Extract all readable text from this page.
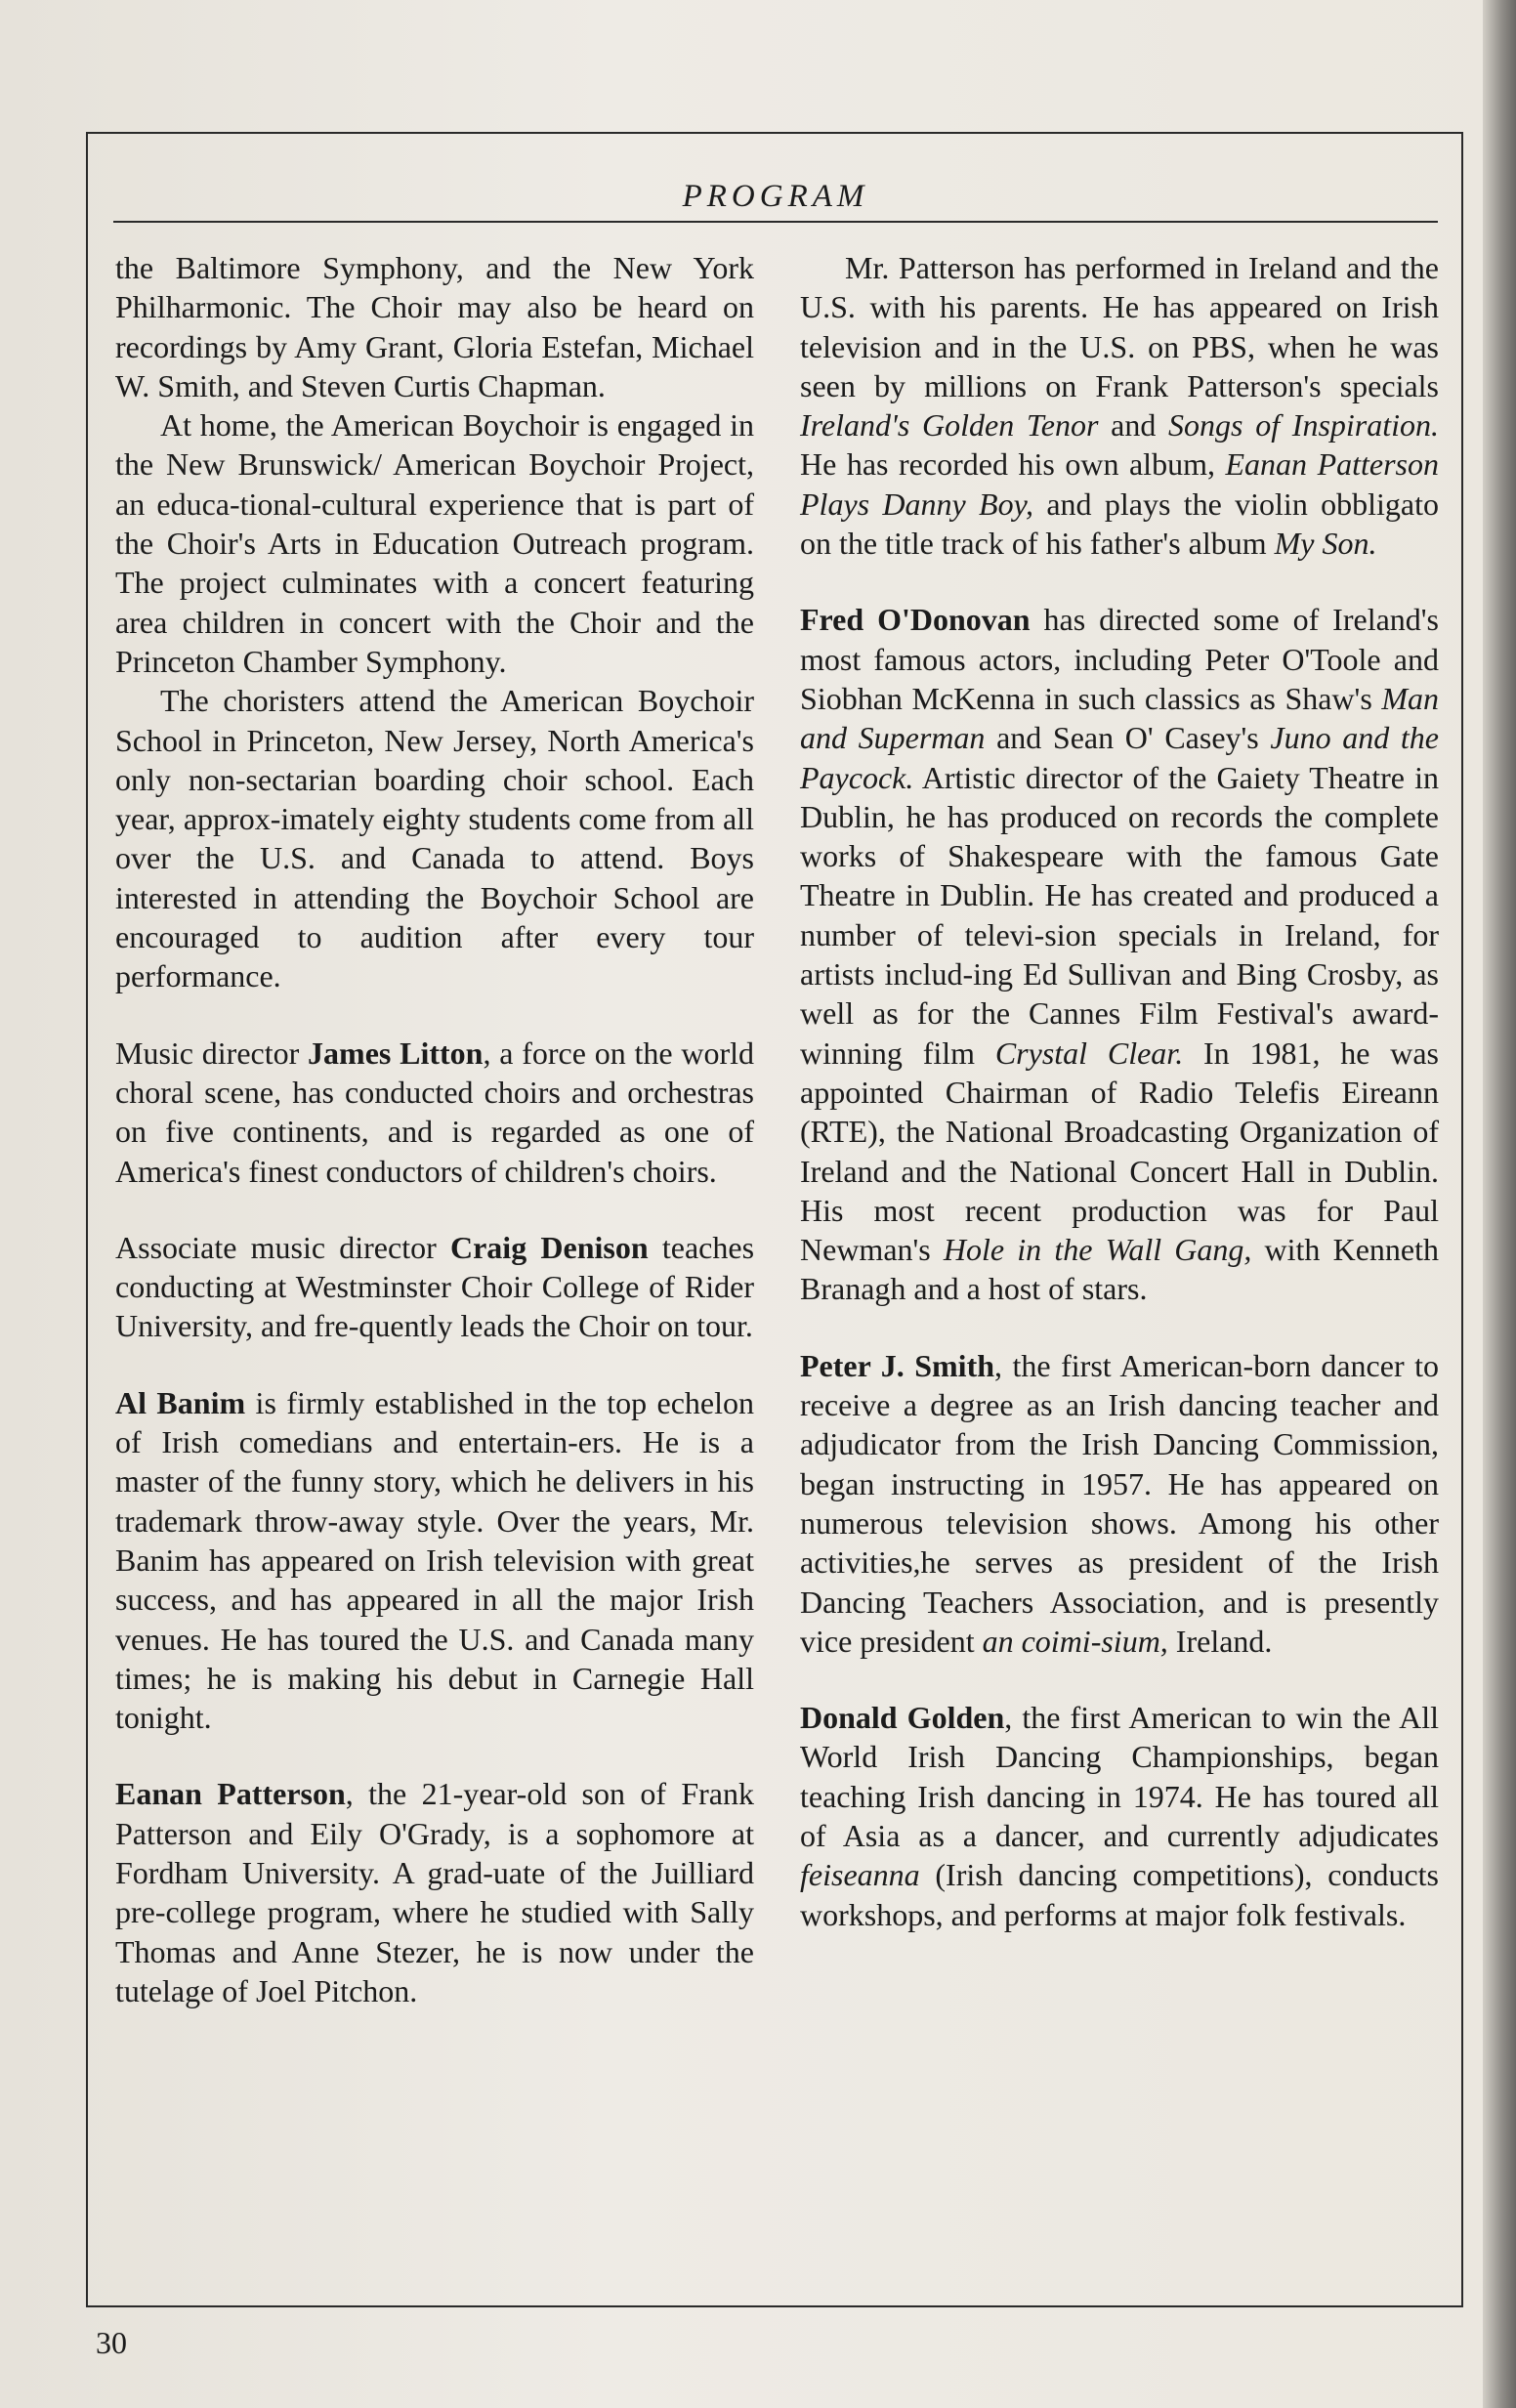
PROGRAM

the Baltimore Symphony, and the New York Philharmonic. The Choir may also be heard on recordings by Amy Grant, Gloria Estefan, Michael W. Smith, and Steven Curtis Chapman.

At home, the American Boychoir is engaged in the New Brunswick/ American Boychoir Project, an educa-tional-cultural experience that is part of the Choir's Arts in Education Outreach program. The project culminates with a concert featuring area children in concert with the Choir and the Princeton Chamber Symphony.

The choristers attend the American Boychoir School in Princeton, New Jersey, North America's only non-sectarian boarding choir school. Each year, approx-imately eighty students come from all over the U.S. and Canada to attend. Boys interested in attending the Boychoir School are encouraged to audition after every tour performance.

Music director James Litton, a force on the world choral scene, has conducted choirs and orchestras on five continents, and is regarded as one of America's finest conductors of children's choirs.

Associate music director Craig Denison teaches conducting at Westminster Choir College of Rider University, and fre-quently leads the Choir on tour.

Al Banim is firmly established in the top echelon of Irish comedians and entertain-ers. He is a master of the funny story, which he delivers in his trademark throw-away style. Over the years, Mr. Banim has appeared on Irish television with great success, and has appeared in all the major Irish venues. He has toured the U.S. and Canada many times; he is making his debut in Carnegie Hall tonight.

Eanan Patterson, the 21-year-old son of Frank Patterson and Eily O'Grady, is a sophomore at Fordham University. A grad-uate of the Juilliard pre-college program, where he studied with Sally Thomas and Anne Stezer, he is now under the tutelage of Joel Pitchon.

Mr. Patterson has performed in Ireland and the U.S. with his parents. He has appeared on Irish television and in the U.S. on PBS, when he was seen by millions on Frank Patterson's specials Ireland's Golden Tenor and Songs of Inspiration. He has recorded his own album, Eanan Patterson Plays Danny Boy, and plays the violin obbligato on the title track of his father's album My Son.

Fred O'Donovan has directed some of Ireland's most famous actors, including Peter O'Toole and Siobhan McKenna in such classics as Shaw's Man and Superman and Sean O' Casey's Juno and the Paycock. Artistic director of the Gaiety Theatre in Dublin, he has produced on records the complete works of Shakespeare with the famous Gate Theatre in Dublin. He has created and produced a number of televi-sion specials in Ireland, for artists includ-ing Ed Sullivan and Bing Crosby, as well as for the Cannes Film Festival's award-winning film Crystal Clear. In 1981, he was appointed Chairman of Radio Telefis Eireann (RTE), the National Broadcasting Organization of Ireland and the National Concert Hall in Dublin. His most recent production was for Paul Newman's Hole in the Wall Gang, with Kenneth Branagh and a host of stars.

Peter J. Smith, the first American-born dancer to receive a degree as an Irish dancing teacher and adjudicator from the Irish Dancing Commission, began instructing in 1957. He has appeared on numerous television shows. Among his other activities,he serves as president of the Irish Dancing Teachers Association, and is presently vice president an coimi-sium, Ireland.

Donald Golden, the first American to win the All World Irish Dancing Championships, began teaching Irish dancing in 1974. He has toured all of Asia as a dancer, and currently adjudicates feiseanna (Irish dancing competitions), conducts workshops, and performs at major folk festivals.

30
